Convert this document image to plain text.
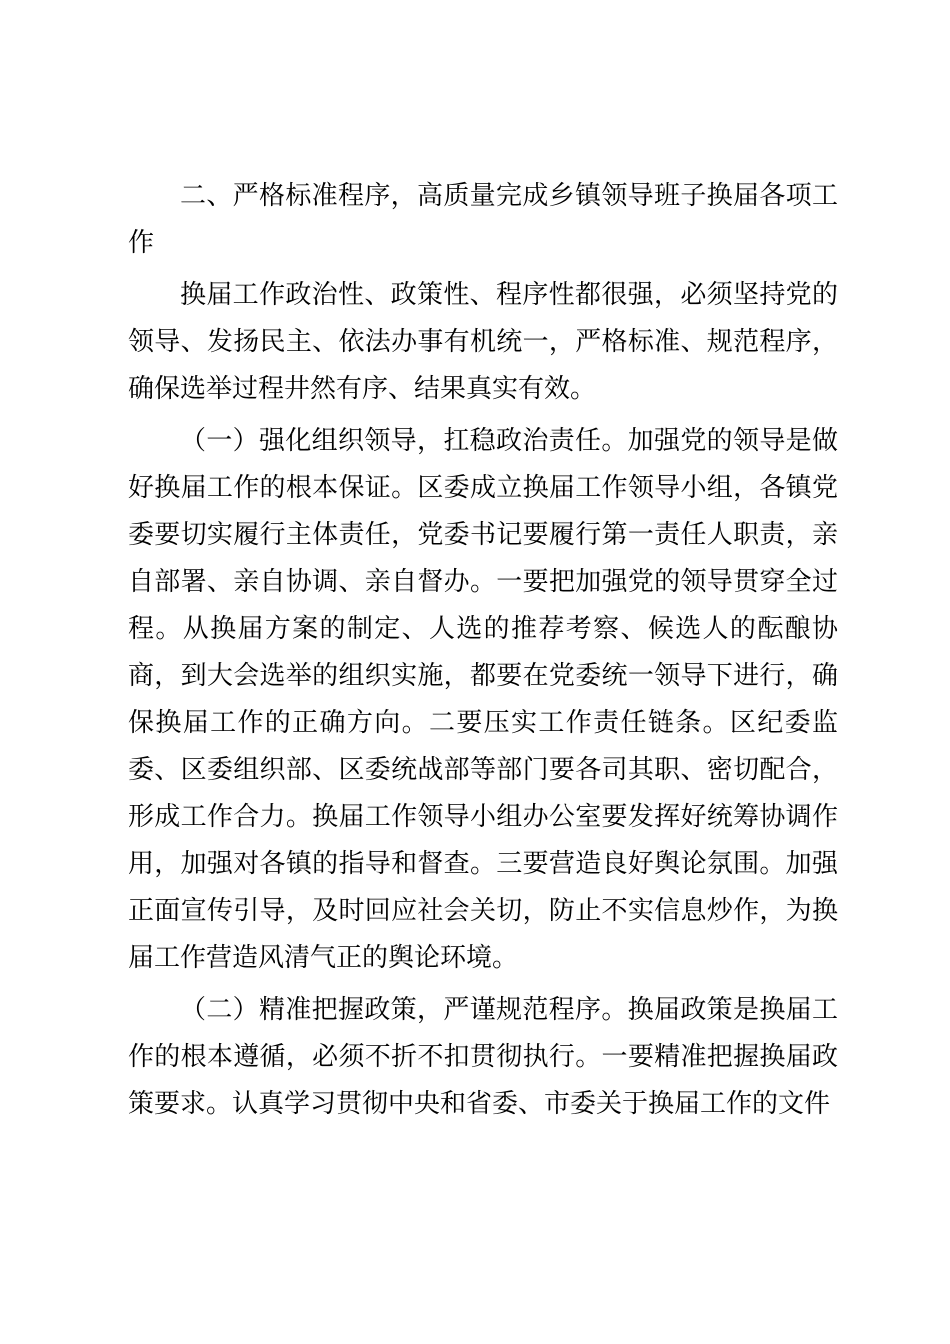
二、严格标准程序，高质量完成乡镇领导班子换届各项工作

换届工作政治性、政策性、程序性都很强，必须坚持党的领导、发扬民主、依法办事有机统一，严格标准、规范程序，确保选举过程井然有序、结果真实有效。

（一）强化组织领导，扛稳政治责任。加强党的领导是做好换届工作的根本保证。区委成立换届工作领导小组，各镇党委要切实履行主体责任，党委书记要履行第一责任人职责，亲自部署、亲自协调、亲自督办。一要把加强党的领导贯穿全过程。从换届方案的制定、人选的推荐考察、候选人的酝酿协商，到大会选举的组织实施，都要在党委统一领导下进行，确保换届工作的正确方向。二要压实工作责任链条。区纪委监委、区委组织部、区委统战部等部门要各司其职、密切配合，形成工作合力。换届工作领导小组办公室要发挥好统筹协调作用，加强对各镇的指导和督查。三要营造良好舆论氛围。加强正面宣传引导，及时回应社会关切，防止不实信息炒作，为换届工作营造风清气正的舆论环境。

（二）精准把握政策，严谨规范程序。换届政策是换届工作的根本遵循，必须不折不扣贯彻执行。一要精准把握换届政策要求。认真学习贯彻中央和省委、市委关于换届工作的文件
